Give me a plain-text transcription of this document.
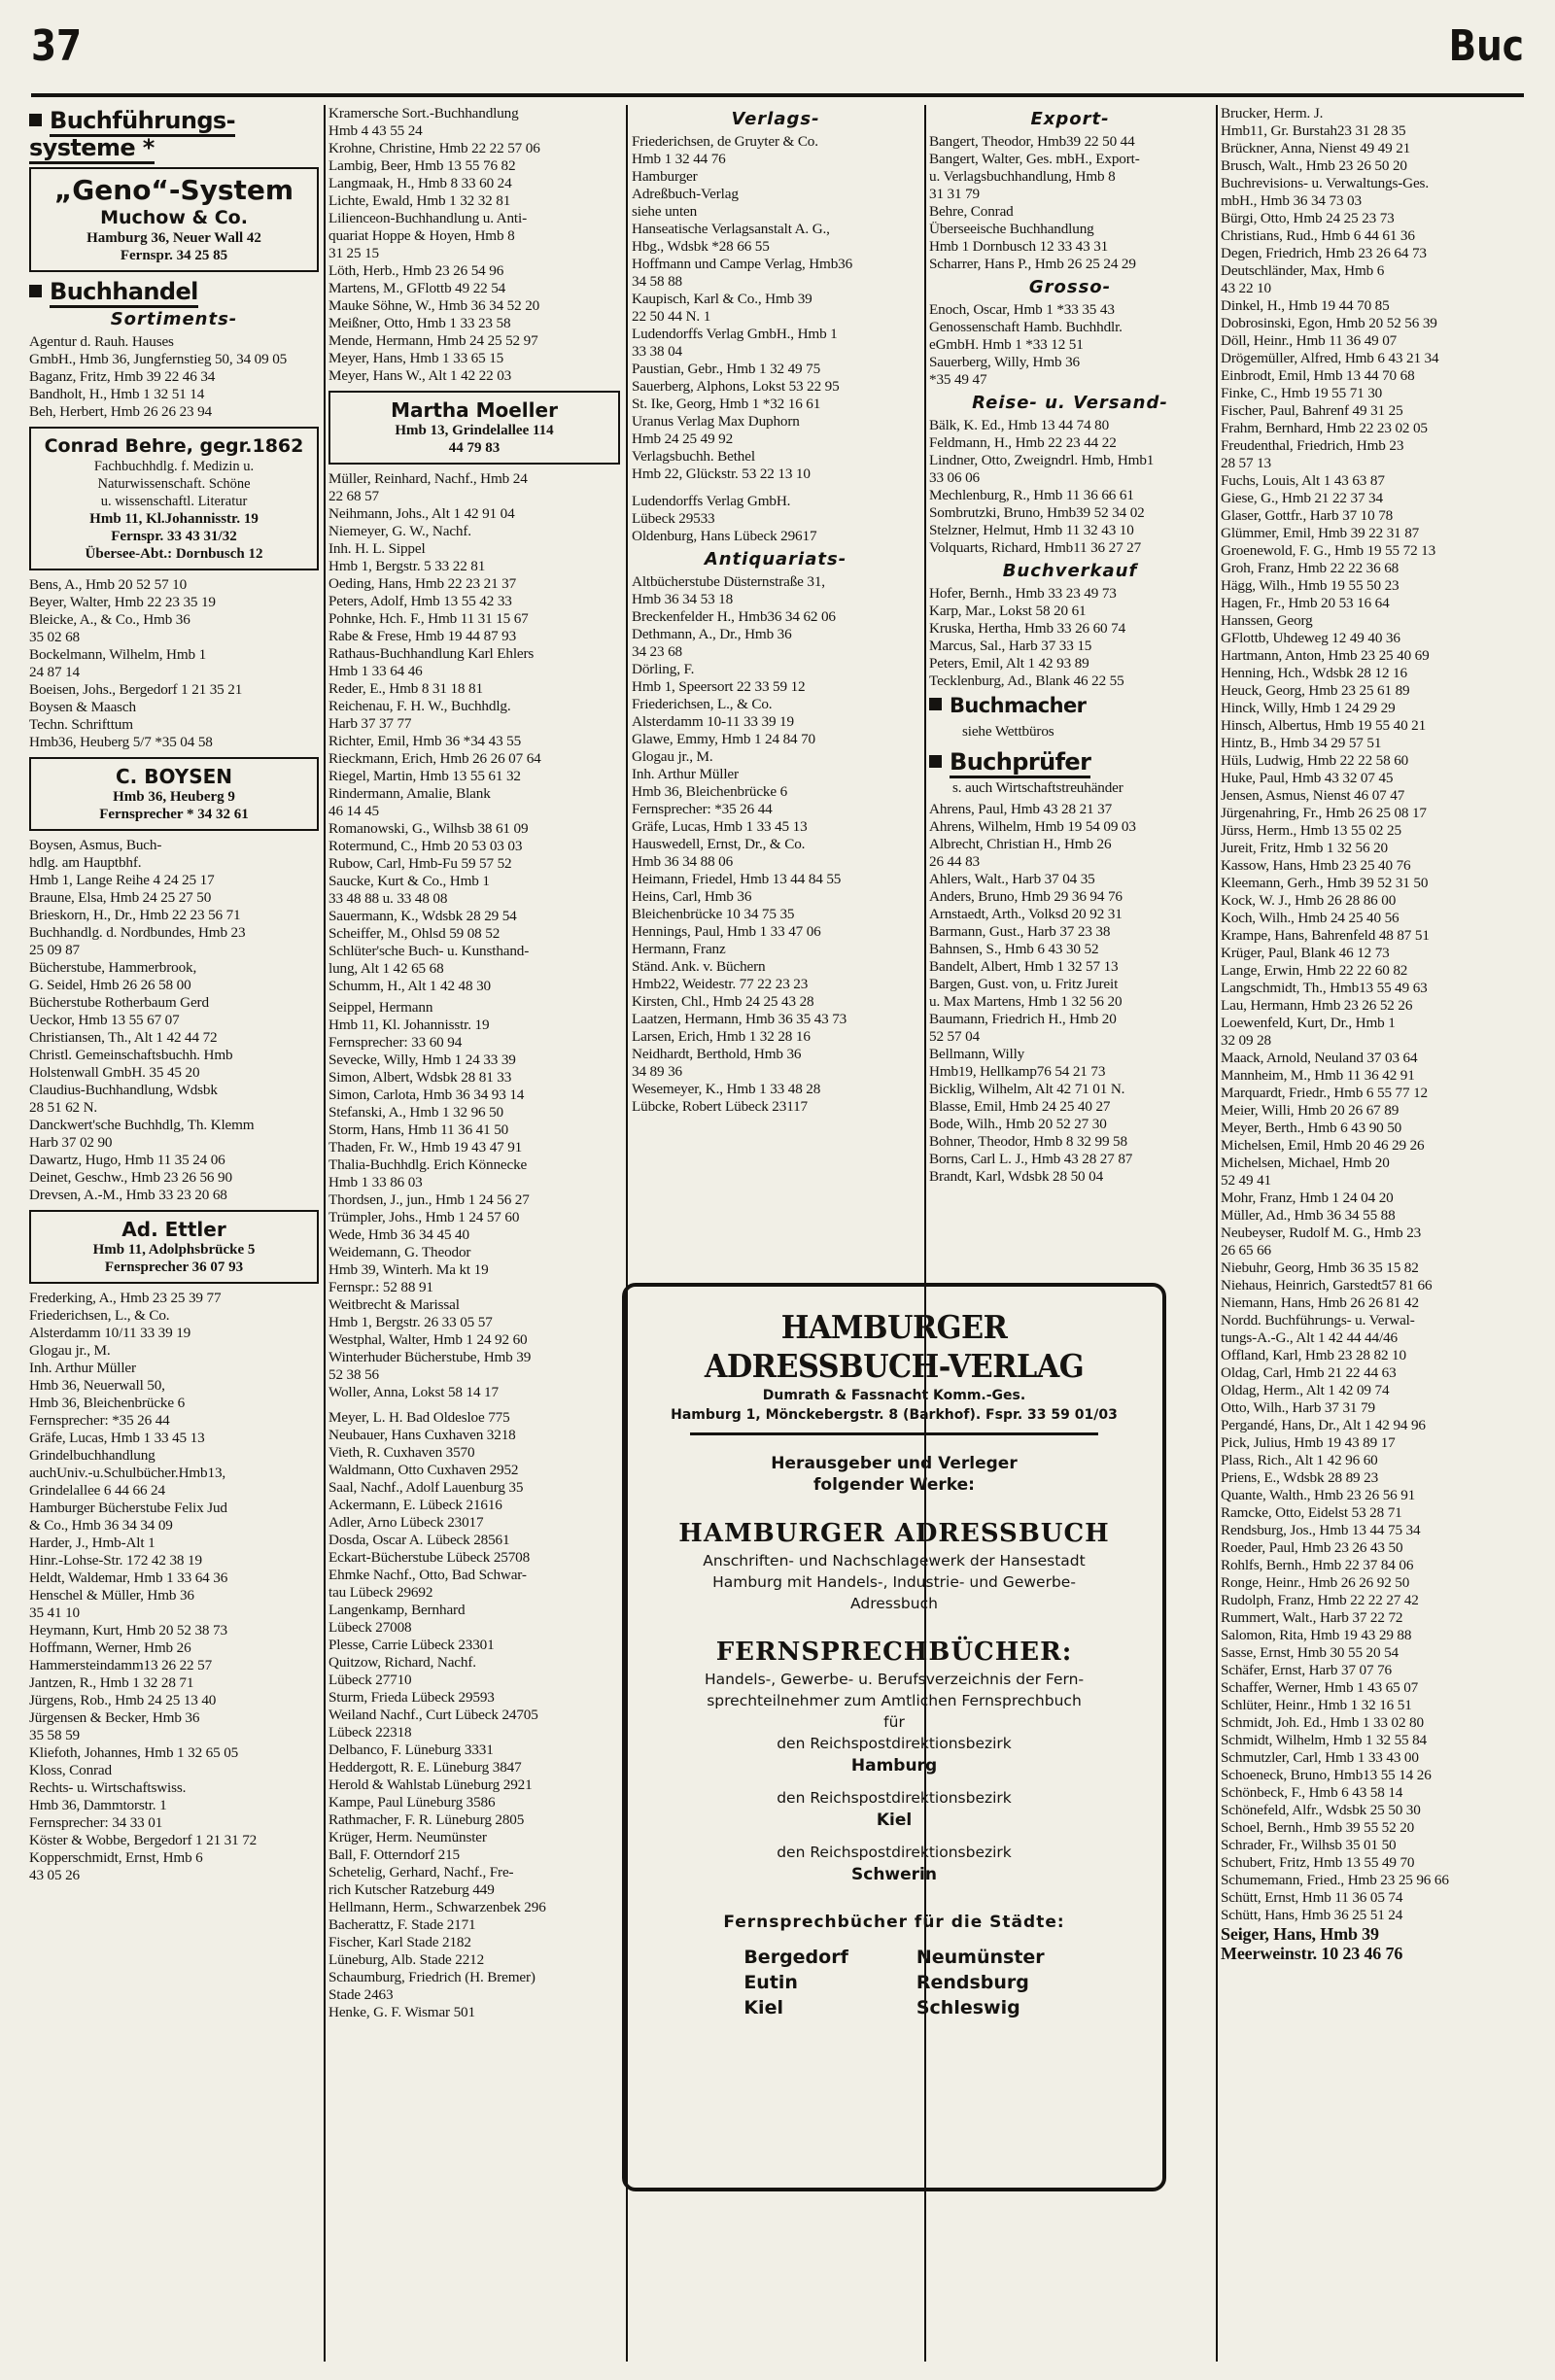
37	Buc
Buchführungs-
systeme *
„Geno“-System
Muchow & Co.
Hamburg 36, Neuer Wall 42
Fernspr. 34 25 85
Buchhandel
Sortiments-
Agentur d. Rauh. Hauses
GmbH., Hmb 36, Jungfernstieg 50, 34 09 05
Baganz, Fritz, Hmb 39 22 46 34
Bandholt, H., Hmb 1 32 51 14
Beh, Herbert, Hmb 26 26 23 94
Conrad Behre, gegr.1862
Fachbuchhdlg. f. Medizin u.
Naturwissenschaft. Schöne
u. wissenschaftl. Literatur
Hmb 11, Kl.Johannisstr. 19
Fernspr. 33 43 31/32
Übersee-Abt.: Dornbusch 12
Bens, A., Hmb 20 52 57 10
Beyer, Walter, Hmb 22 23 35 19
Bleicke, A., & Co., Hmb 36
35 02 68
Bockelmann, Wilhelm, Hmb 1
24 87 14
Boeisen, Johs., Bergedorf 1 21 35 21
Boysen & Maasch
Techn. Schrifttum
Hmb36, Heuberg 5/7 *35 04 58
C. BOYSEN
Hmb 36, Heuberg 9
Fernsprecher * 34 32 61
Boysen, Asmus, Buch-
hdlg. am Hauptbhf.
Hmb 1, Lange Reihe 4 24 25 17
Braune, Elsa, Hmb 24 25 27 50
Brieskorn, H., Dr., Hmb 22 23 56 71
Buchhandlg. d. Nordbundes, Hmb 23
25 09 87
Bücherstube, Hammerbrook,
G. Seidel, Hmb 26 26 58 00
Bücherstube Rotherbaum Gerd
Ueckor, Hmb 13 55 67 07
Christiansen, Th., Alt 1 42 44 72
Christl. Gemeinschaftsbuchh. Hmb
Holstenwall GmbH. 35 45 20
Claudius-Buchhandlung, Wdsbk
28 51 62 N.
Danckwert'sche Buchhdlg, Th. Klemm
Harb 37 02 90
Dawartz, Hugo, Hmb 11 35 24 06
Deinet, Geschw., Hmb 23 26 56 90
Drevsen, A.-M., Hmb 33 23 20 68
Ad. Ettler
Hmb 11, Adolphsbrücke 5
Fernsprecher 36 07 93
Frederking, A., Hmb 23 25 39 77
Friederichsen, L., & Co.
Alsterdamm 10/11 33 39 19
Glogau jr., M.
Inh. Arthur Müller
Hmb 36, Neuerwall 50,
Hmb 36, Bleichenbrücke 6
Fernsprecher: *35 26 44
Gräfe, Lucas, Hmb 1 33 45 13
Grindelbuchhandlung
auchUniv.-u.Schulbücher.Hmb13,
Grindelallee 6 44 66 24
Hamburger Bücherstube Felix Jud
& Co., Hmb 36 34 34 09
Harder, J., Hmb-Alt 1
Hinr.-Lohse-Str. 172 42 38 19
Heldt, Waldemar, Hmb 1 33 64 36
Henschel & Müller, Hmb 36
35 41 10
Heymann, Kurt, Hmb 20 52 38 73
Hoffmann, Werner, Hmb 26
Hammersteindamm13 26 22 57
Jantzen, R., Hmb 1 32 28 71
Jürgens, Rob., Hmb 24 25 13 40
Jürgensen & Becker, Hmb 36
35 58 59
Kliefoth, Johannes, Hmb 1 32 65 05
Kloss, Conrad
Rechts- u. Wirtschaftswiss.
Hmb 36, Dammtorstr. 1
Fernsprecher: 34 33 01
Köster & Wobbe, Bergedorf 1 21 31 72
Kopperschmidt, Ernst, Hmb 6
43 05 26
Kramersche Sort.-Buchhandlung
Hmb 4 43 55 24
Krohne, Christine, Hmb 22 22 57 06
Lambig, Beer, Hmb 13 55 76 82
Langmaak, H., Hmb 8 33 60 24
Lichte, Ewald, Hmb 1 32 32 81
Lilienceon-Buchhandlung u. Anti-
quariat Hoppe & Hoyen, Hmb 8
31 25 15
Löth, Herb., Hmb 23 26 54 96
Martens, M., GFlottb 49 22 54
Mauke Söhne, W., Hmb 36 34 52 20
Meißner, Otto, Hmb 1 33 23 58
Mende, Hermann, Hmb 24 25 52 97
Meyer, Hans, Hmb 1 33 65 15
Meyer, Hans W., Alt 1 42 22 03
Martha Moeller
Hmb 13, Grindelallee 114
44 79 83
Müller, Reinhard, Nachf., Hmb 24
22 68 57
Neihmann, Johs., Alt 1 42 91 04
Niemeyer, G. W., Nachf.
Inh. H. L. Sippel
Hmb 1, Bergstr. 5 33 22 81
Oeding, Hans, Hmb 22 23 21 37
Peters, Adolf, Hmb 13 55 42 33
Pohnke, Hch. F., Hmb 11 31 15 67
Rabe & Frese, Hmb 19 44 87 93
Rathaus-Buchhandlung Karl Ehlers
Hmb 1 33 64 46
Reder, E., Hmb 8 31 18 81
Reichenau, F. H. W., Buchhdlg.
Harb 37 37 77
Richter, Emil, Hmb 36 *34 43 55
Rieckmann, Erich, Hmb 26 26 07 64
Riegel, Martin, Hmb 13 55 61 32
Rindermann, Amalie, Blank
46 14 45
Romanowski, G., Wilhsb 38 61 09
Rotermund, C., Hmb 20 53 03 03
Rubow, Carl, Hmb-Fu 59 57 52
Saucke, Kurt & Co., Hmb 1
33 48 88 u. 33 48 08
Sauermann, K., Wdsbk 28 29 54
Scheiffer, M., Ohlsd 59 08 52
Schlüter'sche Buch- u. Kunsthand-
lung, Alt 1 42 65 68
Schumm, H., Alt 1 42 48 30
Seippel, Hermann
Hmb 11, Kl. Johannisstr. 19
Fernsprecher: 33 60 94
Sevecke, Willy, Hmb 1 24 33 39
Simon, Albert, Wdsbk 28 81 33
Simon, Carlota, Hmb 36 34 93 14
Stefanski, A., Hmb 1 32 96 50
Storm, Hans, Hmb 11 36 41 50
Thaden, Fr. W., Hmb 19 43 47 91
Thalia-Buchhdlg. Erich Könnecke
Hmb 1 33 86 03
Thordsen, J., jun., Hmb 1 24 56 27
Trümpler, Johs., Hmb 1 24 57 60
Wede, Hmb 36 34 45 40
Weidemann, G. Theodor
Hmb 39, Winterh. Ma kt 19
Fernspr.: 52 88 91
Weitbrecht & Marissal
Hmb 1, Bergstr. 26 33 05 57
Westphal, Walter, Hmb 1 24 92 60
Winterhuder Bücherstube, Hmb 39
52 38 56
Woller, Anna, Lokst 58 14 17
Meyer, L. H. Bad Oldesloe 775
Neubauer, Hans Cuxhaven 3218
Vieth, R. Cuxhaven 3570
Waldmann, Otto Cuxhaven 2952
Saal, Nachf., Adolf Lauenburg 35
Ackermann, E. Lübeck 21616
Adler, Arno Lübeck 23017
Dosda, Oscar A. Lübeck 28561
Eckart-Bücherstube Lübeck 25708
Ehmke Nachf., Otto, Bad Schwar-
tau Lübeck 29692
Langenkamp, Bernhard
Lübeck 27008
Plesse, Carrie Lübeck 23301
Quitzow, Richard, Nachf.
Lübeck 27710
Sturm, Frieda Lübeck 29593
Weiland Nachf., Curt Lübeck 24705
Lübeck 22318
Delbanco, F. Lüneburg 3331
Heddergott, R. E. Lüneburg 3847
Herold & Wahlstab Lüneburg 2921
Kampe, Paul Lüneburg 3586
Rathmacher, F. R. Lüneburg 2805
Krüger, Herm. Neumünster
Ball, F. Otterndorf 215
Schetelig, Gerhard, Nachf., Fre-
rich Kutscher Ratzeburg 449
Hellmann, Herm., Schwarzenbek 296
Bacherattz, F. Stade 2171
Fischer, Karl Stade 2182
Lüneburg, Alb. Stade 2212
Schaumburg, Friedrich (H. Bremer)
Stade 2463
Henke, G. F. Wismar 501
Verlags-
Friederichsen, de Gruyter & Co.
Hmb 1 32 44 76
Hamburger
Adreßbuch-Verlag
siehe unten
Hanseatische Verlagsanstalt A. G.,
Hbg., Wdsbk *28 66 55
Hoffmann und Campe Verlag, Hmb36
34 58 88
Kaupisch, Karl & Co., Hmb 39
22 50 44 N. 1
Ludendorffs Verlag GmbH., Hmb 1
33 38 04
Paustian, Gebr., Hmb 1 32 49 75
Sauerberg, Alphons, Lokst 53 22 95
St. Ike, Georg, Hmb 1 *32 16 61
Uranus Verlag Max Duphorn
Hmb 24 25 49 92
Verlagsbuchh. Bethel
Hmb 22, Glückstr. 53 22 13 10
Ludendorffs Verlag GmbH.
Lübeck 29533
Oldenburg, Hans Lübeck 29617
Antiquariats-
Altbücherstube Düsternstraße 31,
Hmb 36 34 53 18
Breckenfelder H., Hmb36 34 62 06
Dethmann, A., Dr., Hmb 36
34 23 68
Dörling, F.
Hmb 1, Speersort 22 33 59 12
Friederichsen, L., & Co.
Alsterdamm 10-11 33 39 19
Glawe, Emmy, Hmb 1 24 84 70
Glogau jr., M.
Inh. Arthur Müller
Hmb 36, Bleichenbrücke 6
Fernsprecher: *35 26 44
Gräfe, Lucas, Hmb 1 33 45 13
Hauswedell, Ernst, Dr., & Co.
Hmb 36 34 88 06
Heimann, Friedel, Hmb 13 44 84 55
Heins, Carl, Hmb 36
Bleichenbrücke 10 34 75 35
Hennings, Paul, Hmb 1 33 47 06
Hermann, Franz
Ständ. Ank. v. Büchern
Hmb22, Weidestr. 77 22 23 23
Kirsten, Chl., Hmb 24 25 43 28
Laatzen, Hermann, Hmb 36 35 43 73
Larsen, Erich, Hmb 1 32 28 16
Neidhardt, Berthold, Hmb 36
34 89 36
Wesemeyer, K., Hmb 1 33 48 28
Lübcke, Robert Lübeck 23117
Export-
Bangert, Theodor, Hmb39 22 50 44
Bangert, Walter, Ges. mbH., Export-
u. Verlagsbuchhandlung, Hmb 8
31 31 79
Behre, Conrad
Überseeische Buchhandlung
Hmb 1 Dornbusch 12 33 43 31
Scharrer, Hans P., Hmb 26 25 24 29
Grosso-
Enoch, Oscar, Hmb 1 *33 35 43
Genossenschaft Hamb. Buchhdlr.
eGmbH. Hmb 1 *33 12 51
Sauerberg, Willy, Hmb 36
*35 49 47
Reise- u. Versand-
Bälk, K. Ed., Hmb 13 44 74 80
Feldmann, H., Hmb 22 23 44 22
Lindner, Otto, Zweigndrl. Hmb, Hmb1
33 06 06
Mechlenburg, R., Hmb 11 36 66 61
Sombrutzki, Bruno, Hmb39 52 34 02
Stelzner, Helmut, Hmb 11 32 43 10
Volquarts, Richard, Hmb11 36 27 27
Buchverkauf
Hofer, Bernh., Hmb 33 23 49 73
Karp, Mar., Lokst 58 20 61
Kruska, Hertha, Hmb 33 26 60 74
Marcus, Sal., Harb 37 33 15
Peters, Emil, Alt 1 42 93 89
Tecklenburg, Ad., Blank 46 22 55
Buchmacher
siehe Wettbüros
Buchprüfer
s. auch Wirtschaftstreuhänder
Ahrens, Paul, Hmb 43 28 21 37
Ahrens, Wilhelm, Hmb 19 54 09 03
Albrecht, Christian H., Hmb 26
26 44 83
Ahlers, Walt., Harb 37 04 35
Anders, Bruno, Hmb 29 36 94 76
Arnstaedt, Arth., Volksd 20 92 31
Barmann, Gust., Harb 37 23 38
Bahnsen, S., Hmb 6 43 30 52
Bandelt, Albert, Hmb 1 32 57 13
Bargen, Gust. von, u. Fritz Jureit
u. Max Martens, Hmb 1 32 56 20
Baumann, Friedrich H., Hmb 20
52 57 04
Bellmann, Willy
Hmb19, Hellkamp76 54 21 73
Bicklig, Wilhelm, Alt 42 71 01 N.
Blasse, Emil, Hmb 24 25 40 27
Bode, Wilh., Hmb 20 52 27 30
Bohner, Theodor, Hmb 8 32 99 58
Borns, Carl L. J., Hmb 43 28 27 87
Brandt, Karl, Wdsbk 28 50 04
Brucker, Herm. J.
Hmb11, Gr. Burstah23 31 28 35
Brückner, Anna, Nienst 49 49 21
Brusch, Walt., Hmb 23 26 50 20
Buchrevisions- u. Verwaltungs-Ges.
mbH., Hmb 36 34 73 03
Bürgi, Otto, Hmb 24 25 23 73
Christians, Rud., Hmb 6 44 61 36
Degen, Friedrich, Hmb 23 26 64 73
Deutschländer, Max, Hmb 6
43 22 10
Dinkel, H., Hmb 19 44 70 85
Dobrosinski, Egon, Hmb 20 52 56 39
Döll, Heinr., Hmb 11 36 49 07
Drögemüller, Alfred, Hmb 6 43 21 34
Einbrodt, Emil, Hmb 13 44 70 68
Finke, C., Hmb 19 55 71 30
Fischer, Paul, Bahrenf 49 31 25
Frahm, Bernhard, Hmb 22 23 02 05
Freudenthal, Friedrich, Hmb 23
28 57 13
Fuchs, Louis, Alt 1 43 63 87
Giese, G., Hmb 21 22 37 34
Glaser, Gottfr., Harb 37 10 78
Glümmer, Emil, Hmb 39 22 31 87
Groenewold, F. G., Hmb 19 55 72 13
Groh, Franz, Hmb 22 22 36 68
Hägg, Wilh., Hmb 19 55 50 23
Hagen, Fr., Hmb 20 53 16 64
Hanssen, Georg
GFlottb, Uhdeweg 12 49 40 36
Hartmann, Anton, Hmb 23 25 40 69
Henning, Hch., Wdsbk 28 12 16
Heuck, Georg, Hmb 23 25 61 89
Hinck, Willy, Hmb 1 24 29 29
Hinsch, Albertus, Hmb 19 55 40 21
Hintz, B., Hmb 34 29 57 51
Hüls, Ludwig, Hmb 22 22 58 60
Huke, Paul, Hmb 43 32 07 45
Jensen, Asmus, Nienst 46 07 47
Jürgenahring, Fr., Hmb 26 25 08 17
Jürss, Herm., Hmb 13 55 02 25
Jureit, Fritz, Hmb 1 32 56 20
Kassow, Hans, Hmb 23 25 40 76
Kleemann, Gerh., Hmb 39 52 31 50
Kock, W. J., Hmb 26 28 86 00
Koch, Wilh., Hmb 24 25 40 56
Krampe, Hans, Bahrenfeld 48 87 51
Krüger, Paul, Blank 46 12 73
Lange, Erwin, Hmb 22 22 60 82
Langschmidt, Th., Hmb13 55 49 63
Lau, Hermann, Hmb 23 26 52 26
Loewenfeld, Kurt, Dr., Hmb 1
32 09 28
Maack, Arnold, Neuland 37 03 64
Mannheim, M., Hmb 11 36 42 91
Marquardt, Friedr., Hmb 6 55 77 12
Meier, Willi, Hmb 20 26 67 89
Meyer, Berth., Hmb 6 43 90 50
Michelsen, Emil, Hmb 20 46 29 26
Michelsen, Michael, Hmb 20
52 49 41
Mohr, Franz, Hmb 1 24 04 20
Müller, Ad., Hmb 36 34 55 88
Neubeyser, Rudolf M. G., Hmb 23
26 65 66
Niebuhr, Georg, Hmb 36 35 15 82
Niehaus, Heinrich, Garstedt57 81 66
Niemann, Hans, Hmb 26 26 81 42
Nordd. Buchführungs- u. Verwal-
tungs-A.-G., Alt 1 42 44 44/46
Offland, Karl, Hmb 23 28 82 10
Oldag, Carl, Hmb 21 22 44 63
Oldag, Herm., Alt 1 42 09 74
Otto, Wilh., Harb 37 31 79
Pergandé, Hans, Dr., Alt 1 42 94 96
Pick, Julius, Hmb 19 43 89 17
Plass, Rich., Alt 1 42 96 60
Priens, E., Wdsbk 28 89 23
Quante, Walth., Hmb 23 26 56 91
Ramcke, Otto, Eidelst 53 28 71
Rendsburg, Jos., Hmb 13 44 75 34
Roeder, Paul, Hmb 23 26 43 50
Rohlfs, Bernh., Hmb 22 37 84 06
Ronge, Heinr., Hmb 26 26 92 50
Rudolph, Franz, Hmb 22 22 27 42
Rummert, Walt., Harb 37 22 72
Salomon, Rita, Hmb 19 43 29 88
Sasse, Ernst, Hmb 30 55 20 54
Schäfer, Ernst, Harb 37 07 76
Schaffer, Werner, Hmb 1 43 65 07
Schlüter, Heinr., Hmb 1 32 16 51
Schmidt, Joh. Ed., Hmb 1 33 02 80
Schmidt, Wilhelm, Hmb 1 32 55 84
Schmutzler, Carl, Hmb 1 33 43 00
Schoeneck, Bruno, Hmb13 55 14 26
Schönbeck, F., Hmb 6 43 58 14
Schönefeld, Alfr., Wdsbk 25 50 30
Schoel, Bernh., Hmb 39 55 52 20
Schrader, Fr., Wilhsb 35 01 50
Schubert, Fritz, Hmb 13 55 49 70
Schumemann, Fried., Hmb 23 25 96 66
Schütt, Ernst, Hmb 11 36 05 74
Schütt, Hans, Hmb 36 25 51 24
Seiger, Hans, Hmb 39
Meerweinstr. 10 23 46 76
HAMBURGER ADRESSBUCH-VERLAG
Dumrath & Fassnacht Komm.-Ges.
Hamburg 1, Mönckebergstr. 8 (Barkhof). Fspr. 33 59 01/03
Herausgeber und Verleger
folgender Werke:
HAMBURGER ADRESSBUCH
Anschriften- und Nachschlagewerk der Hansestadt
Hamburg mit Handels-, Industrie- und Gewerbe-
Adressbuch
FERNSPRECHBÜCHER:
Handels-, Gewerbe- u. Berufsverzeichnis der Fern-
sprechteilnehmer zum Amtlichen Fernsprechbuch
für
den Reichspostdirektionsbezirk
Hamburg
den Reichspostdirektionsbezirk
Kiel
den Reichspostdirektionsbezirk
Schwerin
Fernsprechbücher für die Städte:
Bergedorf
Eutin
Kiel
Neumünster
Rendsburg
Schleswig
